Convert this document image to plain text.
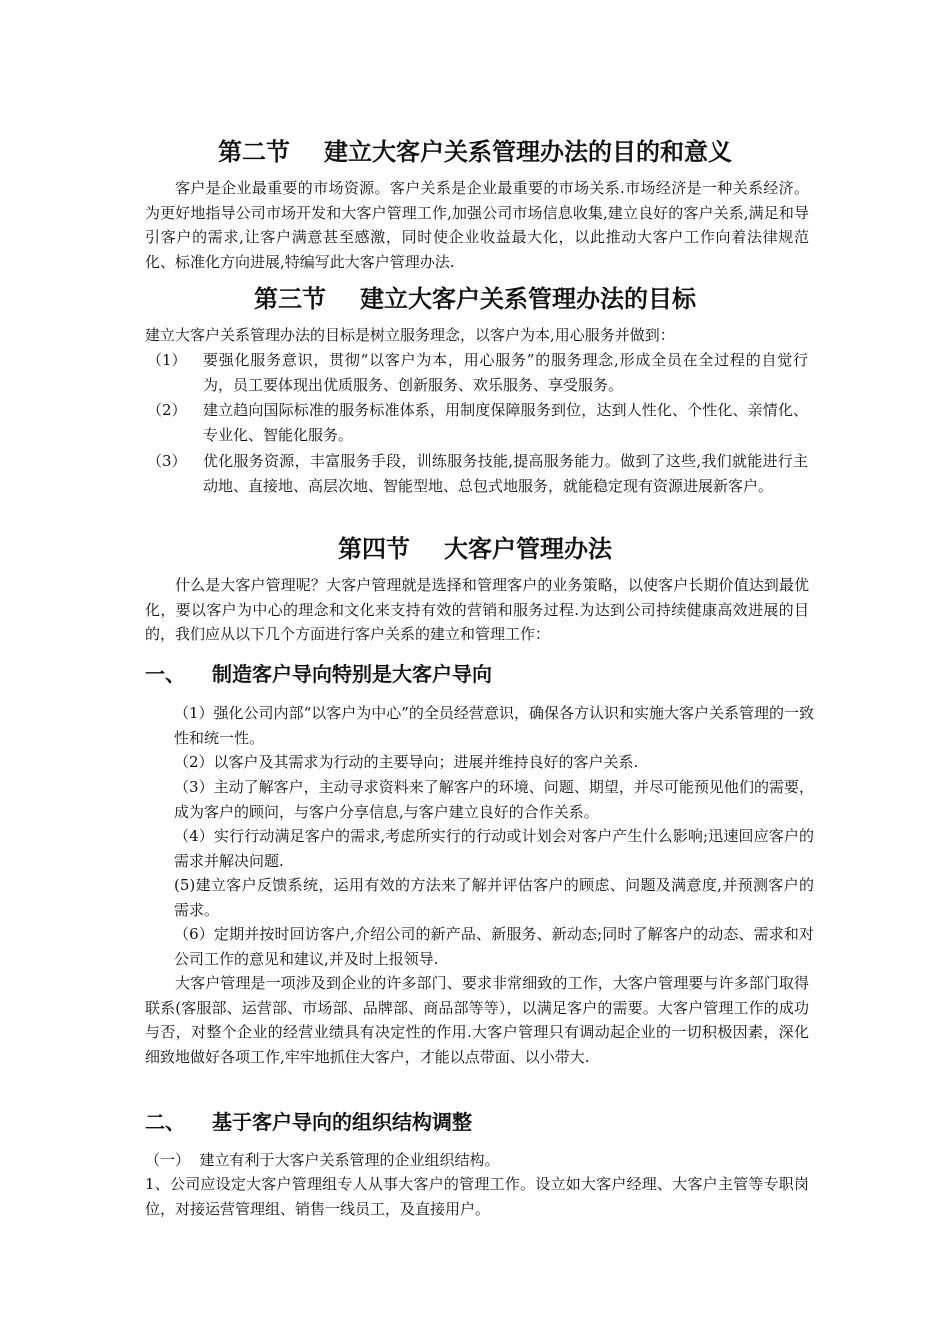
第二节 建立大客户关系管理办法的目的和意义

客户是企业最重要的市场资源。客户关系是企业最重要的市场关系.市场经济是一种关系经济。为更好地指导公司市场开发和大客户管理工作,加强公司市场信息收集,建立良好的客户关系,满足和导引客户的需求,让客户满意甚至感激，同时使企业收益最大化，以此推动大客户工作向着法律规范化、标准化方向进展,特编写此大客户管理办法.

第三节 建立大客户关系管理办法的目标

建立大客户关系管理办法的目标是树立服务理念，以客户为本,用心服务并做到：

（1） 要强化服务意识，贯彻“以客户为本，用心服务”的服务理念,形成全员在全过程的自觉行为，员工要体现出优质服务、创新服务、欢乐服务、享受服务。

（2） 建立趋向国际标准的服务标准体系，用制度保障服务到位，达到人性化、个性化、亲情化、专业化、智能化服务。

（3） 优化服务资源，丰富服务手段，训练服务技能,提高服务能力。做到了这些,我们就能进行主动地、直接地、高层次地、智能型地、总包式地服务，就能稳定现有资源进展新客户。

第四节 大客户管理办法

什么是大客户管理呢？大客户管理就是选择和管理客户的业务策略，以使客户长期价值达到最优化，要以客户为中心的理念和文化来支持有效的营销和服务过程.为达到公司持续健康高效进展的目的，我们应从以下几个方面进行客户关系的建立和管理工作：

一、 制造客户导向特别是大客户导向

（1）强化公司内部“以客户为中心”的全员经营意识，确保各方认识和实施大客户关系管理的一致性和统一性。

（2）以客户及其需求为行动的主要导向；进展并维持良好的客户关系.

（3）主动了解客户，主动寻求资料来了解客户的环境、问题、期望，并尽可能预见他们的需要，成为客户的顾问，与客户分享信息,与客户建立良好的合作关系。

（4）实行行动满足客户的需求,考虑所实行的行动或计划会对客户产生什么影响;迅速回应客户的需求并解决问题.

(5)建立客户反馈系统，运用有效的方法来了解并评估客户的顾虑、问题及满意度,并预测客户的需求。

（6）定期并按时回访客户,介绍公司的新产品、新服务、新动态;同时了解客户的动态、需求和对公司工作的意见和建议,并及时上报领导.

大客户管理是一项涉及到企业的许多部门、要求非常细致的工作，大客户管理要与许多部门取得联系(客服部、运营部、市场部、品牌部、商品部等等），以满足客户的需要。大客户管理工作的成功与否，对整个企业的经营业绩具有决定性的作用.大客户管理只有调动起企业的一切积极因素，深化细致地做好各项工作,牢牢地抓住大客户，才能以点带面、以小带大.

二、 基于客户导向的组织结构调整

（一）  建立有利于大客户关系管理的企业组织结构。

1、公司应设定大客户管理组专人从事大客户的管理工作。设立如大客户经理、大客户主管等专职岗位，对接运营管理组、销售一线员工，及直接用户。
